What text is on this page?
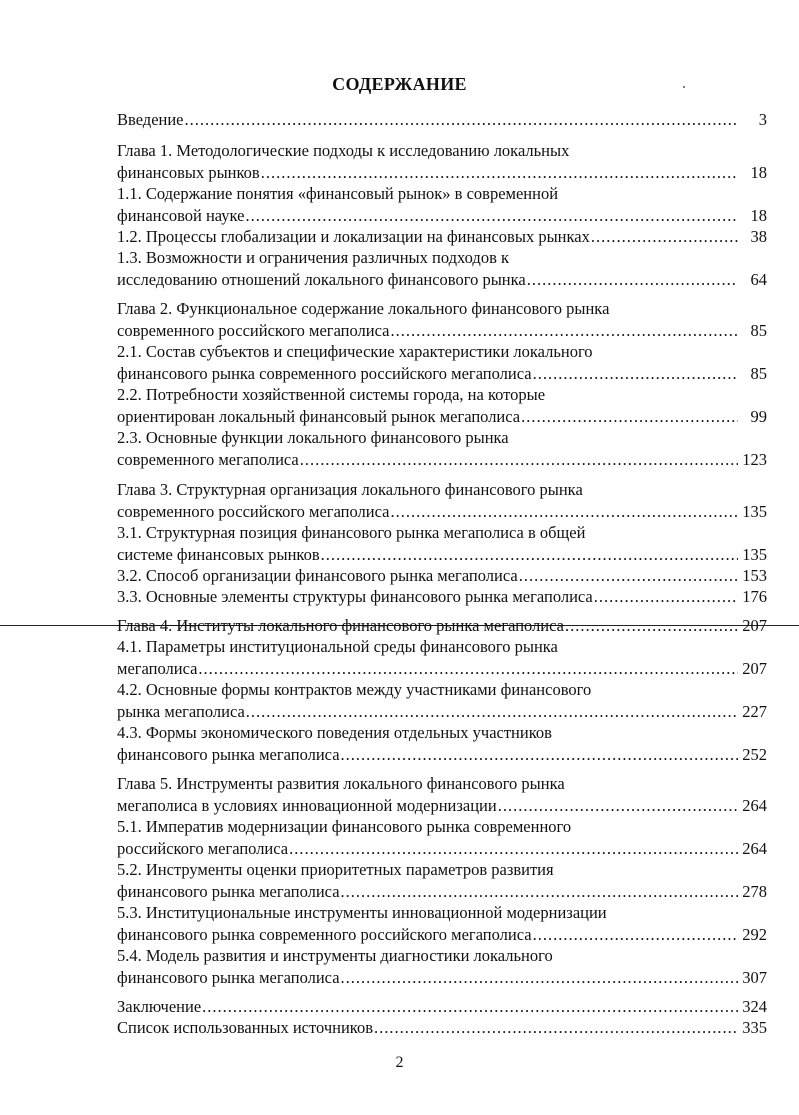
СОДЕРЖАНИЕ
Введение .....	3
Глава 1. Методологические подходы к исследованию локальных
финансовых рынков .....	18
1.1. Содержание понятия «финансовый рынок» в современной
финансовой науке .....	18
1.2. Процессы глобализации и локализации на финансовых рынках .....	38
1.3. Возможности и ограничения различных подходов к
исследованию отношений локального финансового рынка .....	64
Глава 2. Функциональное содержание локального финансового рынка
современного российского мегаполиса .....	85
2.1. Состав субъектов и специфические характеристики локального
финансового рынка современного российского мегаполиса .....	85
2.2. Потребности хозяйственной системы города, на которые
ориентирован локальный финансовый рынок мегаполиса .....	99
2.3. Основные функции локального финансового рынка
современного мегаполиса .....	123
Глава 3. Структурная организация локального финансового рынка
современного российского мегаполиса .....	135
3.1. Структурная позиция финансового рынка мегаполиса в общей
системе финансовых рынков .....	135
3.2. Способ организации финансового рынка мегаполиса .....	153
3.3. Основные элементы структуры финансового рынка мегаполиса .....	176
Глава 4. Институты локального финансового рынка мегаполиса .....	207
4.1. Параметры институциональной среды финансового рынка
мегаполиса .....	207
4.2. Основные формы контрактов между участниками финансового
рынка мегаполиса .....	227
4.3. Формы экономического поведения отдельных участников
финансового рынка мегаполиса .....	252
Глава 5. Инструменты развития локального финансового рынка
мегаполиса в условиях инновационной модернизации .....	264
5.1. Императив модернизации финансового рынка современного
российского мегаполиса .....	264
5.2. Инструменты оценки приоритетных параметров развития
финансового рынка мегаполиса .....	278
5.3. Институциональные инструменты инновационной модернизации
финансового рынка современного российского мегаполиса .....	292
5.4. Модель развития и инструменты диагностики локального
финансового рынка мегаполиса .....	307
Заключение .....	324
Список использованных источников .....	335
2
